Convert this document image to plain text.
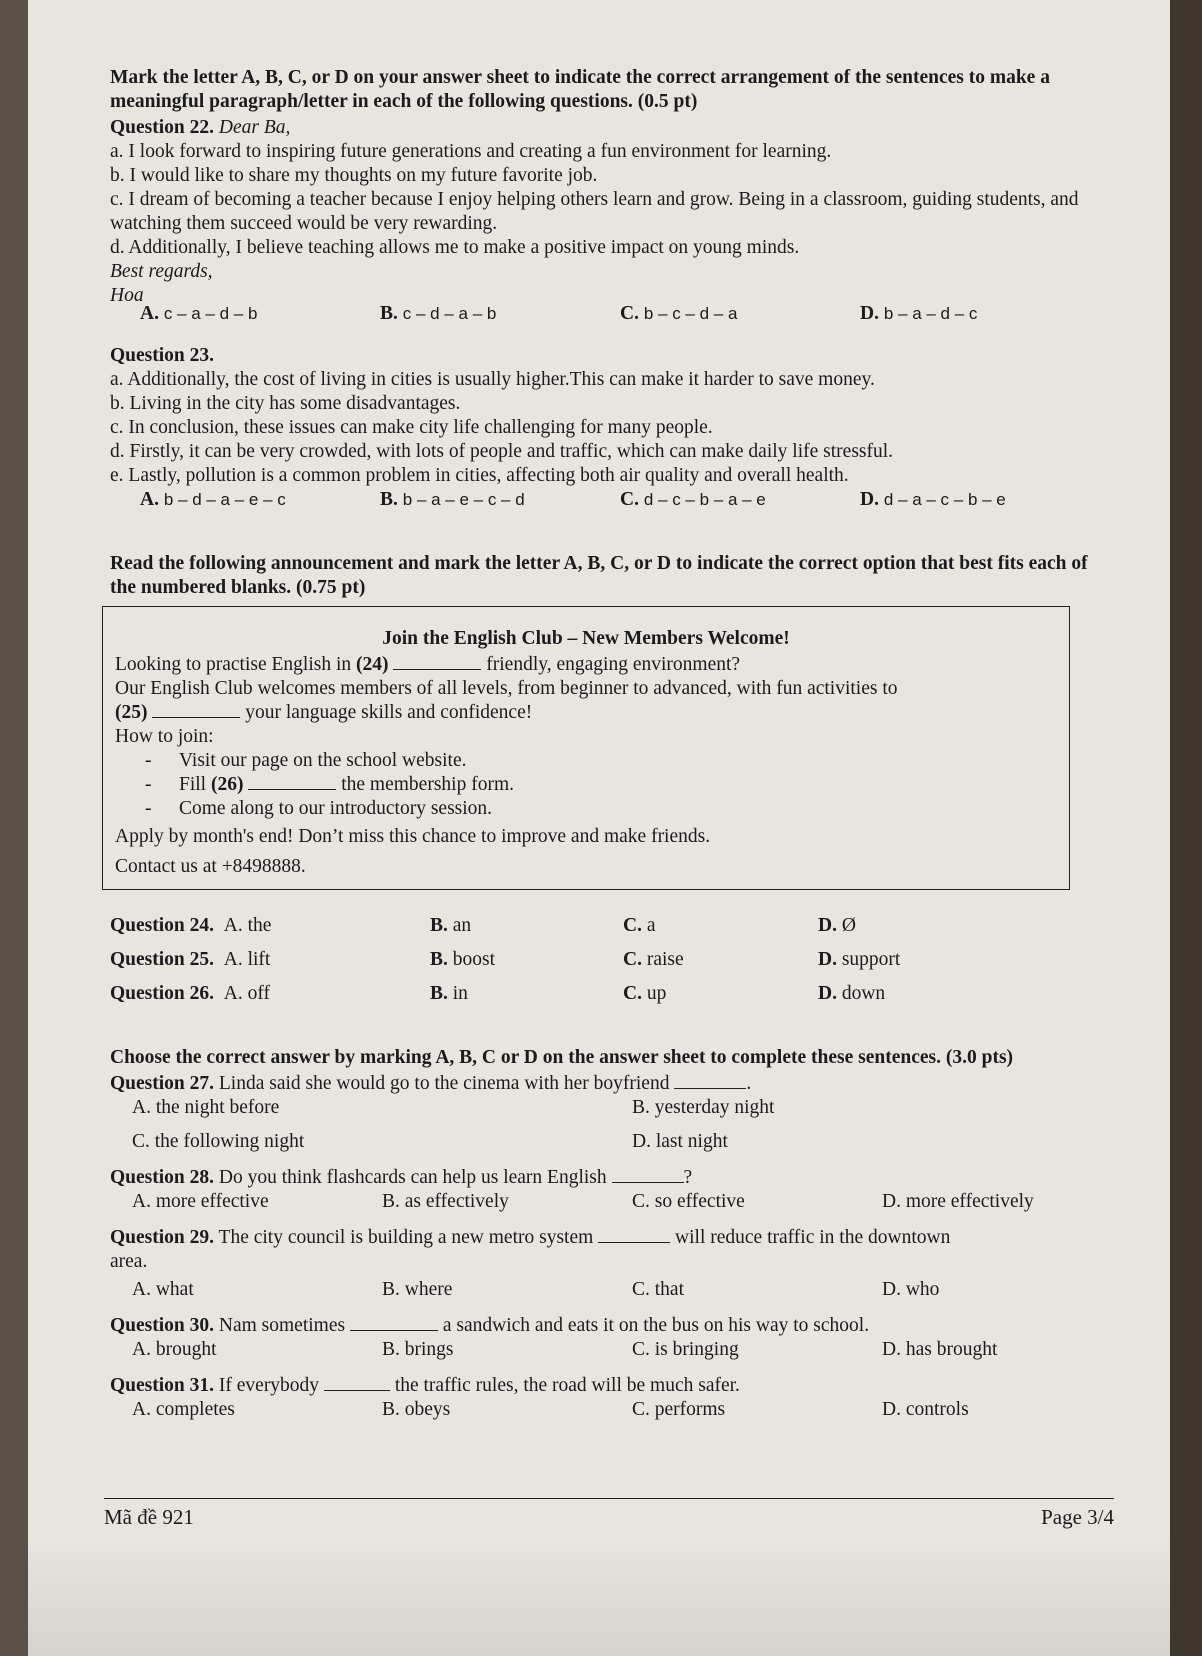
Mark the letter A, B, C, or D on your answer sheet to indicate the correct arrangement of the sentences to make a meaningful paragraph/letter in each of the following questions. (0.5 pt)

Question 22. Dear Ba,

a. I look forward to inspiring future generations and creating a fun environment for learning.

b. I would like to share my thoughts on my future favorite job.

c. I dream of becoming a teacher because I enjoy helping others learn and grow. Being in a classroom, guiding students, and watching them succeed would be very rewarding.

d. Additionally, I believe teaching allows me to make a positive impact on young minds.

Best regards,

Hoa

A. c – a – d – b	B. c – d – a – b	C. b – c – d – a	D. b – a – d – c

Question 23.

a. Additionally, the cost of living in cities is usually higher.This can make it harder to save money.

b. Living in the city has some disadvantages.

c. In conclusion, these issues can make city life challenging for many people.

d. Firstly, it can be very crowded, with lots of people and traffic, which can make daily life stressful.

e. Lastly, pollution is a common problem in cities, affecting both air quality and overall health.

A. b – d – a – e – c	B. b – a – e – c – d	C. d – c – b – a – e	D. d – a – c – b – e

Read the following announcement and mark the letter A, B, C, or D to indicate the correct option that best fits each of the numbered blanks. (0.75 pt)

Join the English Club – New Members Welcome!

Looking to practise English in (24)	friendly, engaging environment?

Our English Club welcomes members of all levels, from beginner to advanced, with fun activities to

(25)	your language skills and confidence!

How to join:

-	Visit our page on the school website.
-	Fill (26)	the membership form.
-	Come along to our introductory session.

Apply by month's end! Don’t miss this chance to improve and make friends.

Contact us at +8498888.

Question 24. A. the	B. an	C. a	D. Ø
Question 25. A. lift	B. boost	C. raise	D. support
Question 26. A. off	B. in	C. up	D. down

Choose the correct answer by marking A, B, C or D on the answer sheet to complete these sentences. (3.0 pts)

Question 27. Linda said she would go to the cinema with her boyfriend	.

A. the night before	B. yesterday night
C. the following night	D. last night

Question 28. Do you think flashcards can help us learn English	?

A. more effective	B. as effectively	C. so effective	D. more effectively

Question 29. The city council is building a new metro system	will reduce traffic in the downtown

area.

A. what	B. where	C. that	D. who

Question 30. Nam sometimes	a sandwich and eats it on the bus on his way to school.

A. brought	B. brings	C. is bringing	D. has brought

Question 31. If everybody	the traffic rules, the road will be much safer.

A. completes	B. obeys	C. performs	D. controls
Mã đề 921	Page 3/4
